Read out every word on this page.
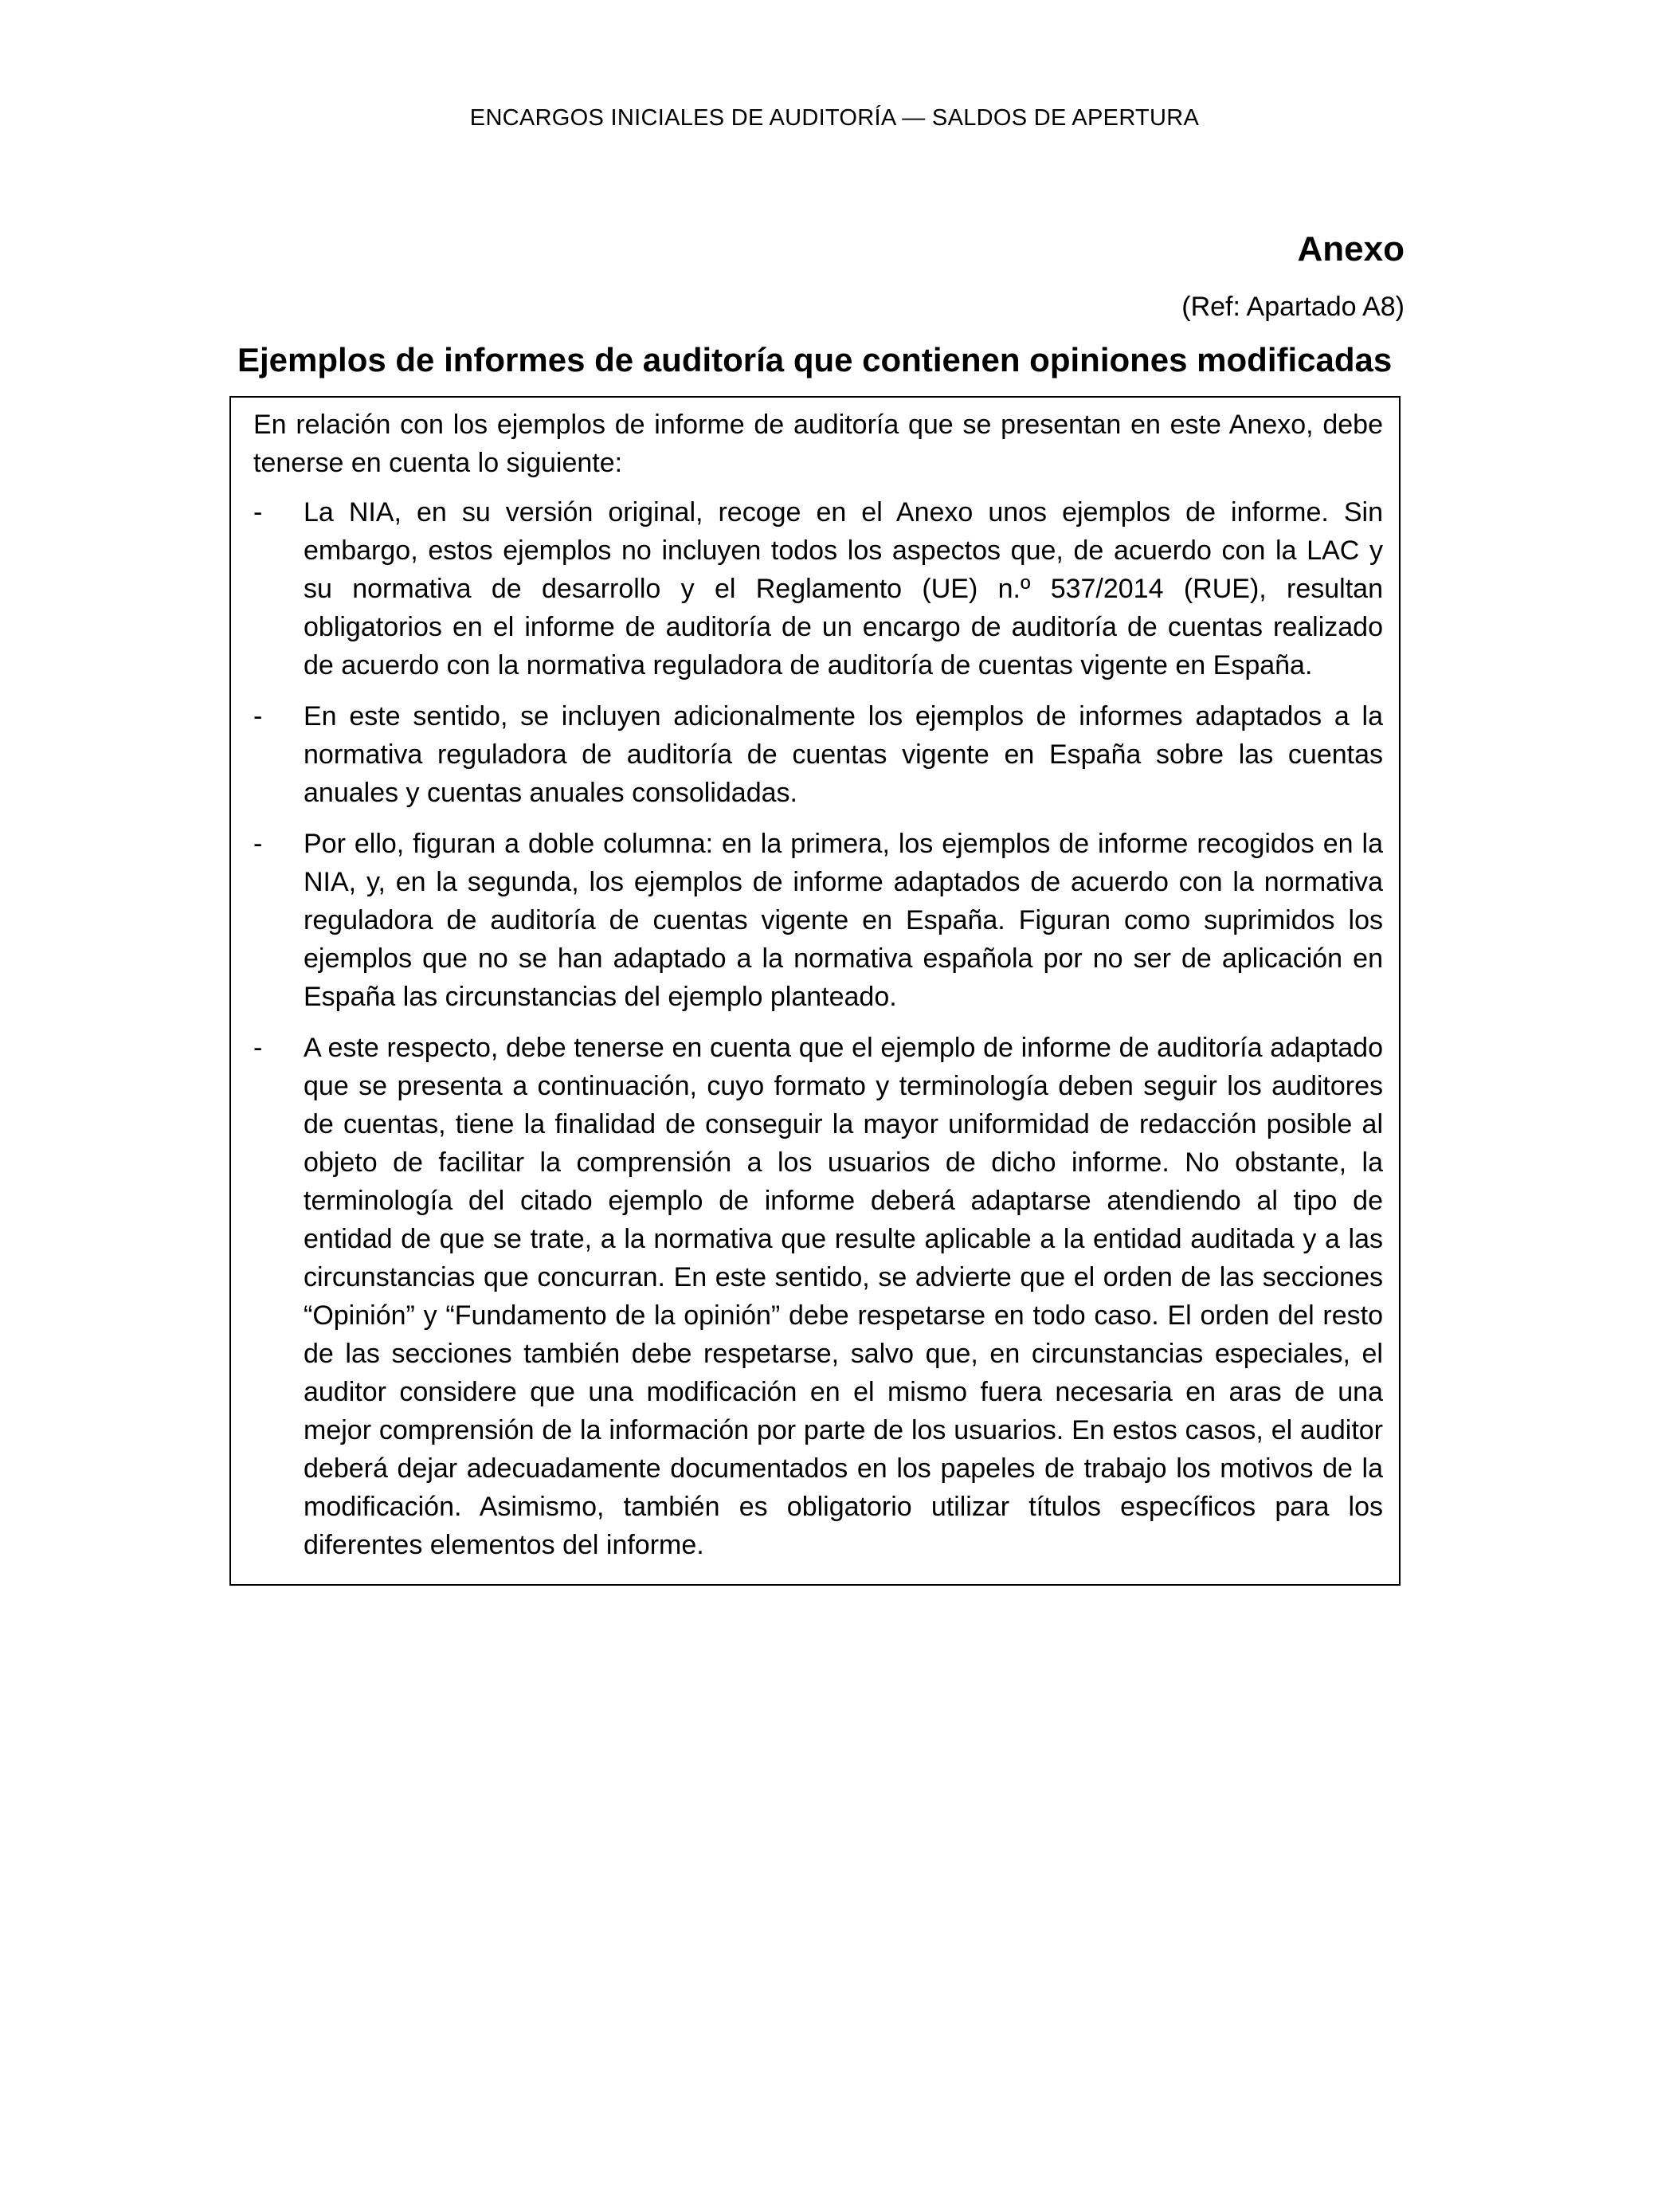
ENCARGOS INICIALES DE AUDITORÍA — SALDOS DE APERTURA
Anexo
(Ref: Apartado A8)
Ejemplos de informes de auditoría que contienen opiniones modificadas

En relación con los ejemplos de informe de auditoría que se presentan en este Anexo, debe tenerse en cuenta lo siguiente:

-	La NIA, en su versión original, recoge en el Anexo unos ejemplos de informe. Sin embargo, estos ejemplos no incluyen todos los aspectos que, de acuerdo con la LAC y su normativa de desarrollo y el Reglamento (UE) n.º 537/2014 (RUE), resultan obligatorios en el informe de auditoría de un encargo de auditoría de cuentas realizado de acuerdo con la normativa reguladora de auditoría de cuentas vigente en España.
-	En este sentido, se incluyen adicionalmente los ejemplos de informes adaptados a la normativa reguladora de auditoría de cuentas vigente en España sobre las cuentas anuales y cuentas anuales consolidadas.
-	Por ello, figuran a doble columna: en la primera, los ejemplos de informe recogidos en la NIA, y, en la segunda, los ejemplos de informe adaptados de acuerdo con la normativa reguladora de auditoría de cuentas vigente en España. Figuran como suprimidos los ejemplos que no se han adaptado a la normativa española por no ser de aplicación en España las circunstancias del ejemplo planteado.
-	A este respecto, debe tenerse en cuenta que el ejemplo de informe de auditoría adaptado que se presenta a continuación, cuyo formato y terminología deben seguir los auditores de cuentas, tiene la finalidad de conseguir la mayor uniformidad de redacción posible al objeto de facilitar la comprensión a los usuarios de dicho informe. No obstante, la terminología del citado ejemplo de informe deberá adaptarse atendiendo al tipo de entidad de que se trate, a la normativa que resulte aplicable a la entidad auditada y a las circunstancias que concurran. En este sentido, se advierte que el orden de las secciones “Opinión” y “Fundamento de la opinión” debe respetarse en todo caso. El orden del resto de las secciones también debe respetarse, salvo que, en circunstancias especiales, el auditor considere que una modificación en el mismo fuera necesaria en aras de una mejor comprensión de la información por parte de los usuarios. En estos casos, el auditor deberá dejar adecuadamente documentados en los papeles de trabajo los motivos de la modificación. Asimismo, también es obligatorio utilizar títulos específicos para los diferentes elementos del informe.
